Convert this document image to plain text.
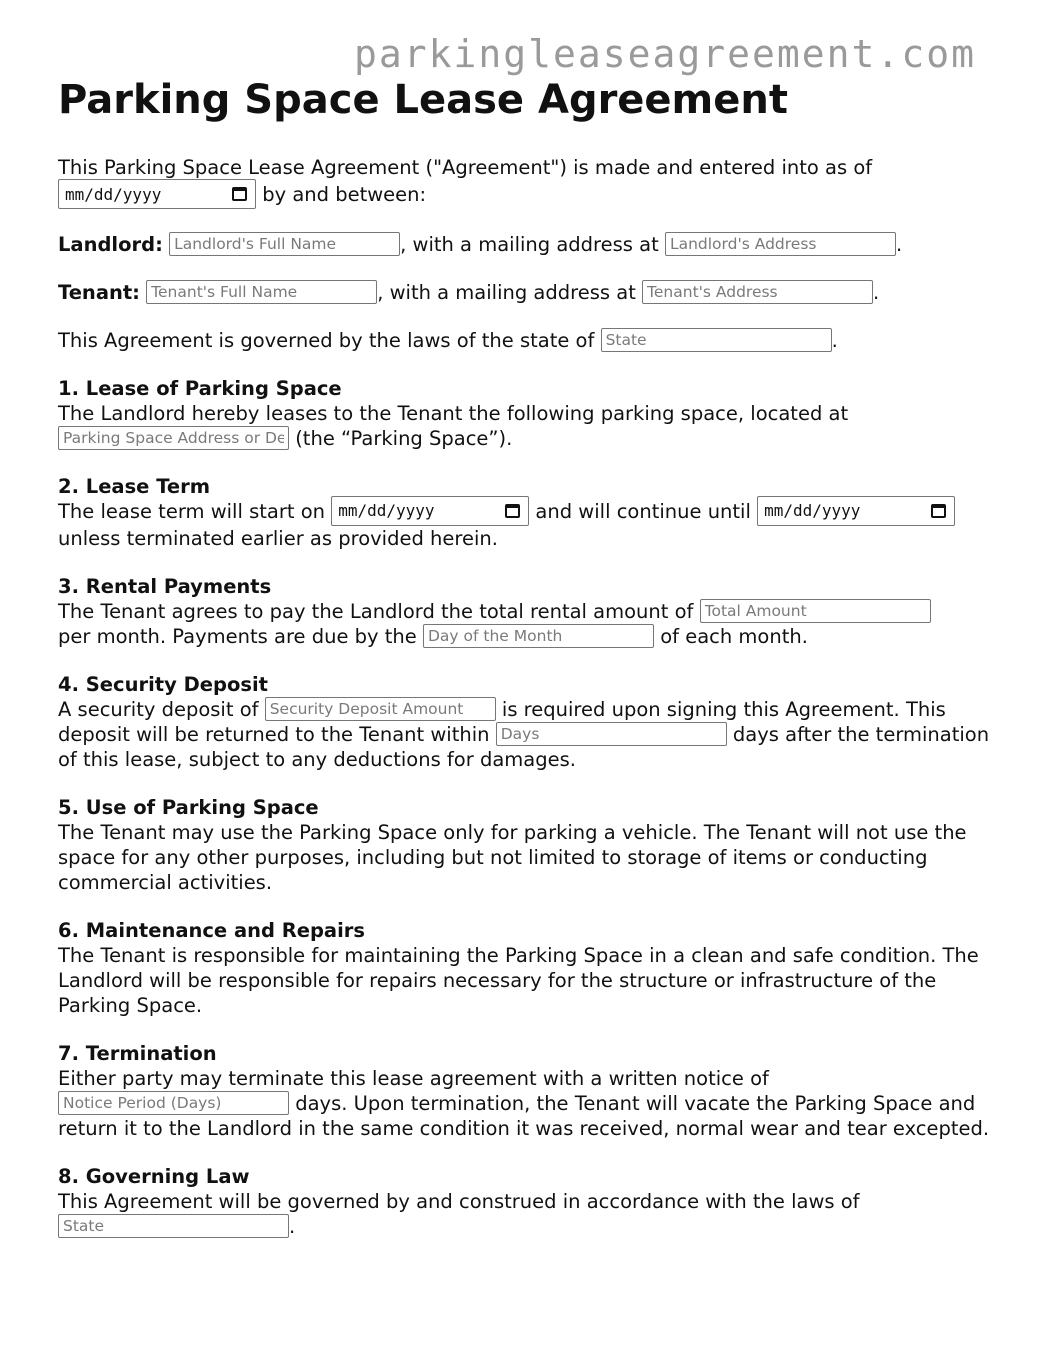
parkingleaseagreement.com
Parking Space Lease Agreement

This Parking Space Lease Agreement ("Agreement") is made and entered into as of
mm/dd/yyyy	by and between:

Landlord: Landlord's Full Name	, with a mailing address at Landlord's Address	.

Tenant: Tenant's Full Name	, with a mailing address at Tenant's Address	.

This Agreement is governed by the laws of the state of State	.

1. Lease of Parking Space
The Landlord hereby leases to the Tenant the following parking space, located at
Parking Space Address or Description (the “Parking Space”).

2. Lease Term
The lease term will start on mm/dd/yyyy	and will continue until mm/dd/yyyy
unless terminated earlier as provided herein.

3. Rental Payments
The Tenant agrees to pay the Landlord the total rental amount of Total Amount
per month. Payments are due by the Day of the Month	of each month.

4. Security Deposit
A security deposit of Security Deposit Amount	is required upon signing this Agreement. This deposit will be returned to the Tenant within Days	days after the termination of this lease, subject to any deductions for damages.

5. Use of Parking Space
The Tenant may use the Parking Space only for parking a vehicle. The Tenant will not use the space for any other purposes, including but not limited to storage of items or conducting commercial activities.

6. Maintenance and Repairs
The Tenant is responsible for maintaining the Parking Space in a clean and safe condition. The Landlord will be responsible for repairs necessary for the structure or infrastructure of the Parking Space.

7. Termination
Either party may terminate this lease agreement with a written notice of
Notice Period (Days) days. Upon termination, the Tenant will vacate the Parking Space and return it to the Landlord in the same condition it was received, normal wear and tear excepted.

8. Governing Law
This Agreement will be governed by and construed in accordance with the laws of
State.
